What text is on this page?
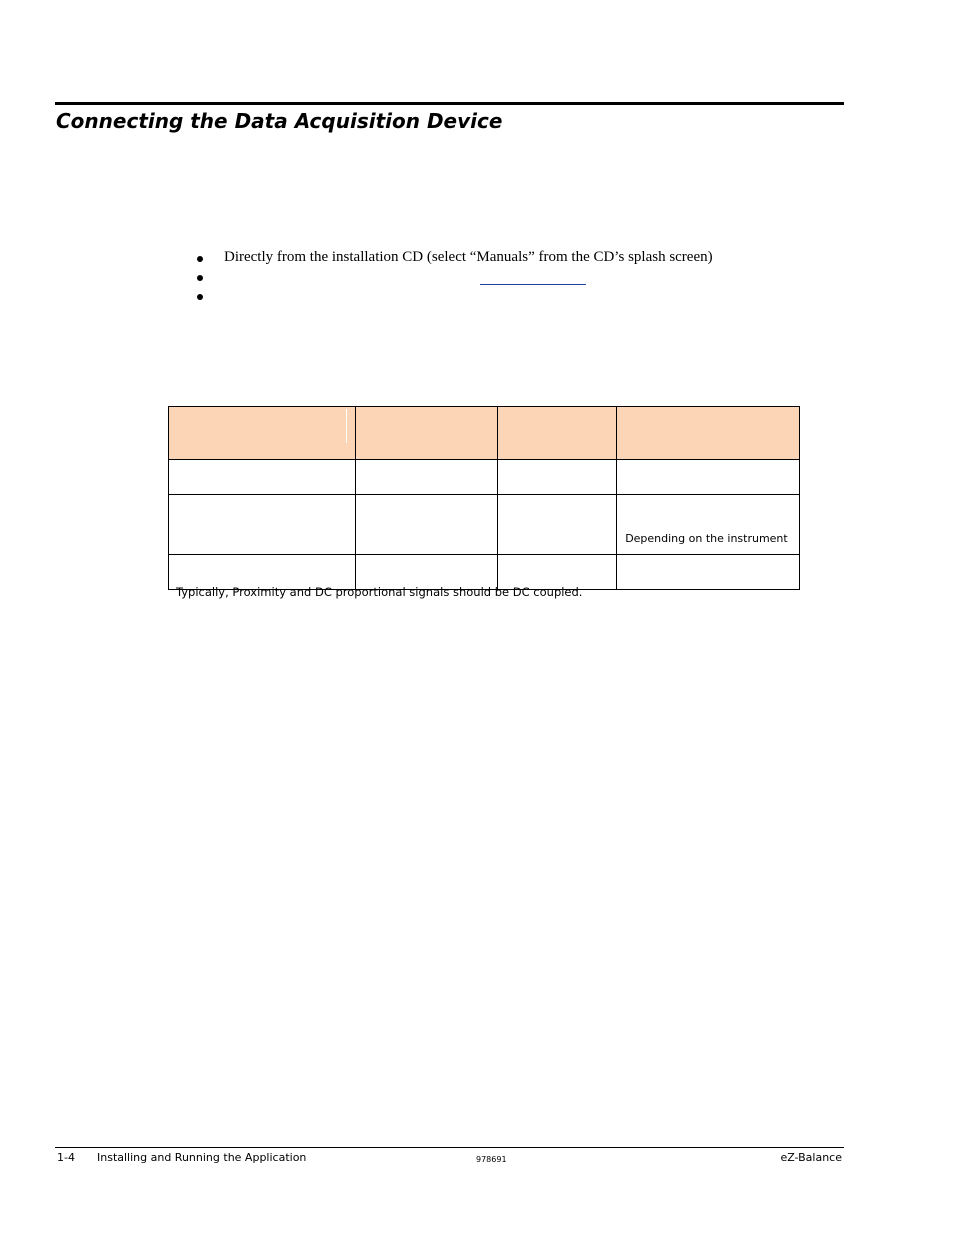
Connecting the Data Acquisition Device
Directly from the installation CD (select “Manuals” from the CD’s splash screen)

			Depending on the instrument

Typically, Proximity and DC proportional signals should be DC coupled.
1-4 Installing and Running the Application	978691	eZ-Balance
